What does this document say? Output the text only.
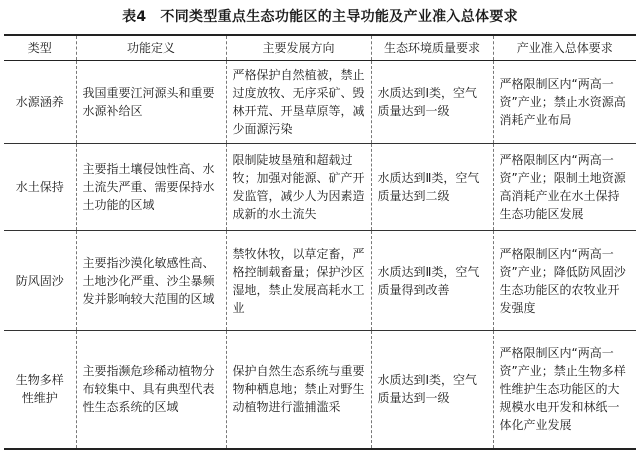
表4 不同类型重点生态功能区的主导功能及产业准入总体要求
类型	功能定义	主要发展方向	生态环境质量要求	产业准入总体要求
水源涵养	我国重要江河源头和重要水源补给区	严格保护自然植被，禁止过度放牧、无序采矿、毁林开荒、开垦草原等，减少面源污染	水质达到Ⅰ类，空气质量达到一级	严格限制区内“两高一资”产业；禁止水资源高消耗产业布局
水土保持	主要指土壤侵蚀性高、水土流失严重、需要保持水土功能的区域	限制陡坡垦殖和超载过牧；加强对能源、矿产开发监管，减少人为因素造成新的水土流失	水质达到Ⅱ类，空气质量达到二级	严格限制区内“两高一资”产业；限制土地资源高消耗产业在水土保持生态功能区发展
防风固沙	主要指沙漠化敏感性高、土地沙化严重、沙尘暴频发并影响较大范围的区域	禁牧休牧，以草定畜，严格控制载畜量；保护沙区湿地，禁止发展高耗水工业	水质达到Ⅱ类，空气质量得到改善	严格限制区内“两高一资”产业；降低防风固沙生态功能区的农牧业开发强度
生物多样性维护	主要指濒危珍稀动植物分布较集中、具有典型代表性生态系统的区域	保护自然生态系统与重要物种栖息地；禁止对野生动植物进行滥捕滥采	水质达到Ⅰ类，空气质量达到一级	严格限制区内“两高一资”产业；禁止生物多样性维护生态功能区的大规模水电开发和林纸一体化产业发展
